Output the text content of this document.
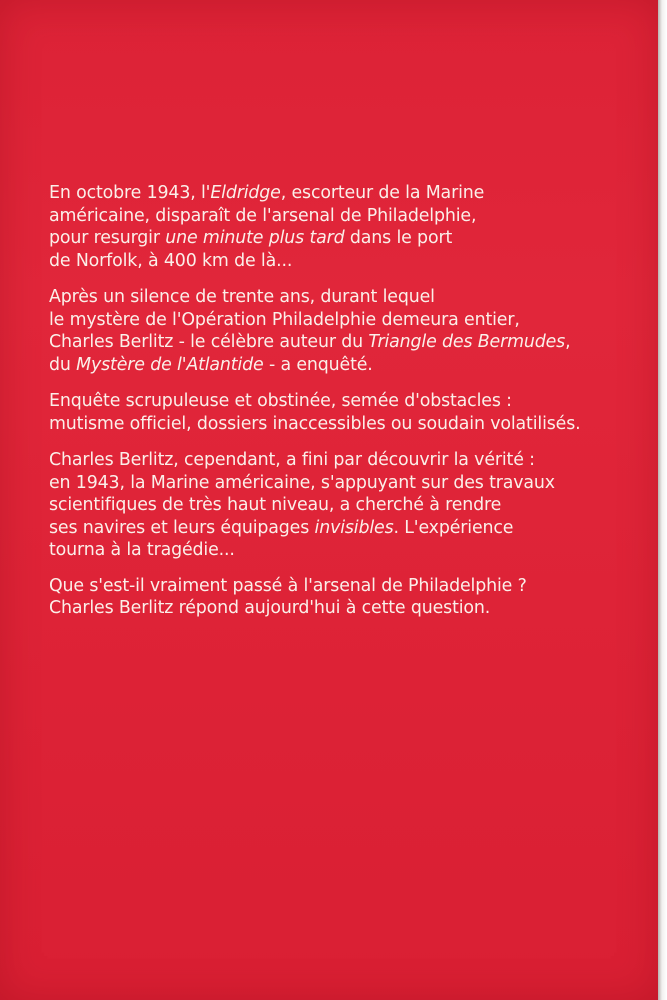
En octobre 1943, l'Eldridge, escorteur de la Marine
américaine, disparaît de l'arsenal de Philadelphie,
pour resurgir une minute plus tard dans le port
de Norfolk, à 400 km de là...

Après un silence de trente ans, durant lequel
le mystère de l'Opération Philadelphie demeura entier,
Charles Berlitz - le célèbre auteur du Triangle des Bermudes,
du Mystère de l'Atlantide - a enquêté.

Enquête scrupuleuse et obstinée, semée d'obstacles :
mutisme officiel, dossiers inaccessibles ou soudain volatilisés.

Charles Berlitz, cependant, a fini par découvrir la vérité :
en 1943, la Marine américaine, s'appuyant sur des travaux
scientifiques de très haut niveau, a cherché à rendre
ses navires et leurs équipages invisibles. L'expérience
tourna à la tragédie...

Que s'est-il vraiment passé à l'arsenal de Philadelphie ?
Charles Berlitz répond aujourd'hui à cette question.
